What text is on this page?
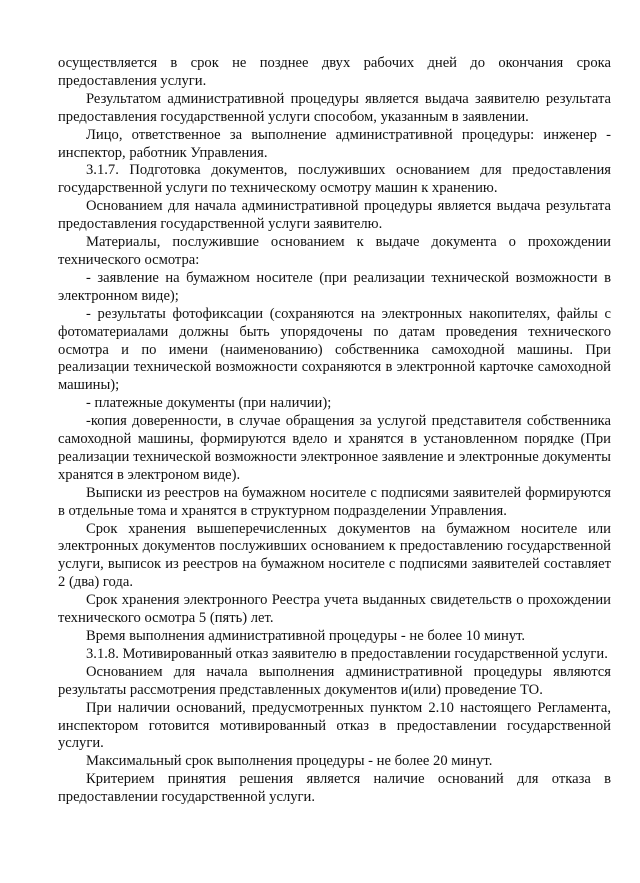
осуществляется в срок не позднее двух рабочих дней до окончания срока предоставления услуги.

Результатом административной процедуры является выдача заявителю результата предоставления государственной услуги способом, указанным в заявлении.

Лицо, ответственное за выполнение административной процедуры: инженер - инспектор, работник Управления.

3.1.7. Подготовка документов, послуживших основанием для предоставления государственной услуги по техническому осмотру машин к хранению.

Основанием для начала административной процедуры является выдача результата предоставления государственной услуги заявителю.

Материалы, послужившие основанием к выдаче документа о прохождении технического осмотра:

- заявление на бумажном носителе (при реализации технической возможности в электронном виде);

- результаты фотофиксации (сохраняются на электронных накопителях, файлы с фотоматериалами должны быть упорядочены по датам проведения технического осмотра и по имени (наименованию) собственника самоходной машины. При реализации технической возможности сохраняются в электронной карточке самоходной машины);

- платежные документы (при наличии);

-копия доверенности, в случае обращения за услугой представителя собственника самоходной машины, формируются вдело и хранятся в установленном порядке (При реализации технической возможности электронное заявление и электронные документы хранятся в электроном виде).

Выписки из реестров на бумажном носителе с подписями заявителей формируются в отдельные тома и хранятся в структурном подразделении Управления.

Срок хранения вышеперечисленных документов на бумажном носителе или электронных документов послуживших основанием к предоставлению государственной услуги, выписок из реестров на бумажном носителе с подписями заявителей составляет 2 (два) года.

Срок хранения электронного Реестра учета выданных свидетельств о прохождении технического осмотра 5 (пять) лет.

Время выполнения административной процедуры - не более 10 минут.

3.1.8. Мотивированный отказ заявителю в предоставлении государственной услуги.

Основанием для начала выполнения административной процедуры являются результаты рассмотрения представленных документов и(или) проведение ТО.

При наличии оснований, предусмотренных пунктом 2.10 настоящего Регламента, инспектором готовится мотивированный отказ в предоставлении государственной услуги.

Максимальный срок выполнения процедуры - не более 20 минут.

Критерием принятия решения является наличие оснований для отказа в предоставлении государственной услуги.
